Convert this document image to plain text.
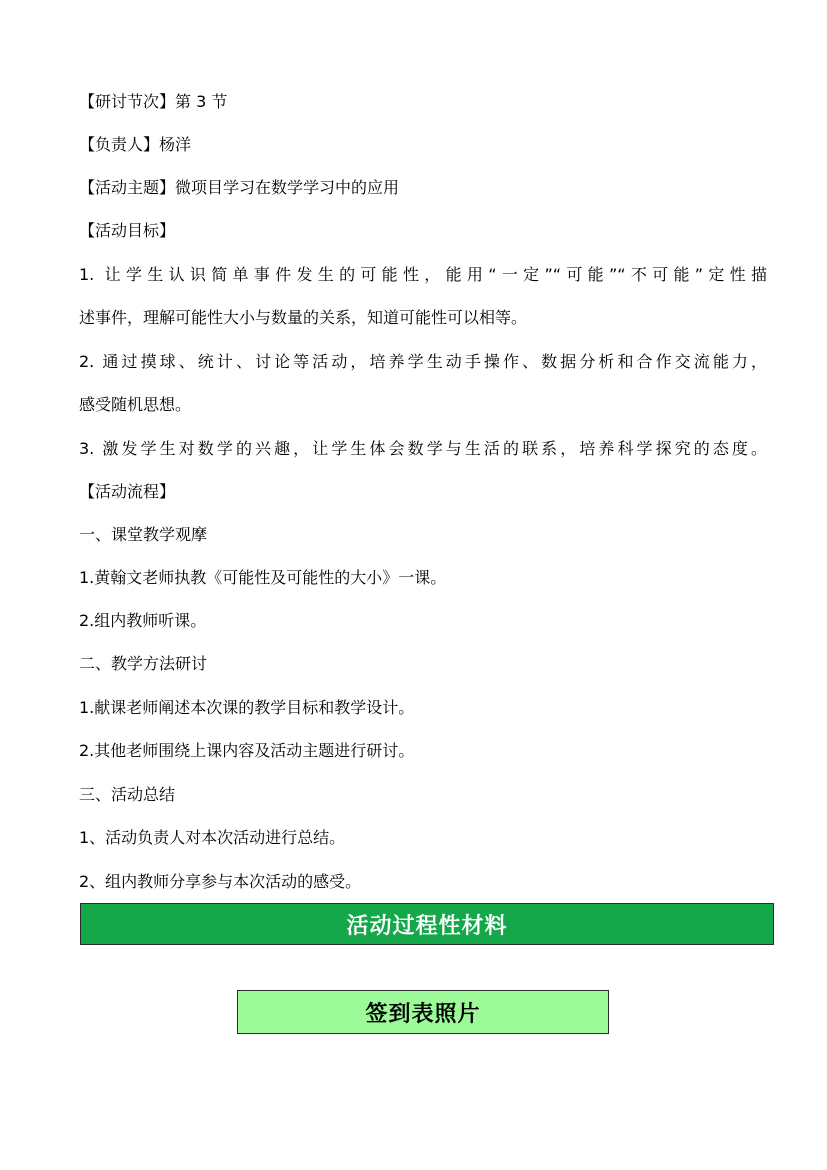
【研讨节次】第 3 节
【负责人】杨洋
【活动主题】微项目学习在数学学习中的应用
【活动目标】
1. 让学生认识简单事件发生的可能性，能用“一定”“可能”“不可能”定性描
述事件，理解可能性大小与数量的关系，知道可能性可以相等。
2. 通过摸球、统计、讨论等活动，培养学生动手操作、数据分析和合作交流能力，
感受随机思想。
3. 激发学生对数学的兴趣，让学生体会数学与生活的联系，培养科学探究的态度。
【活动流程】
一、课堂教学观摩
1.黄翰文老师执教《可能性及可能性的大小》一课。
2.组内教师听课。
二、教学方法研讨
1.献课老师阐述本次课的教学目标和教学设计。
2.其他老师围绕上课内容及活动主题进行研讨。
三、活动总结
1、活动负责人对本次活动进行总结。
2、组内教师分享参与本次活动的感受。
活动过程性材料
签到表照片
